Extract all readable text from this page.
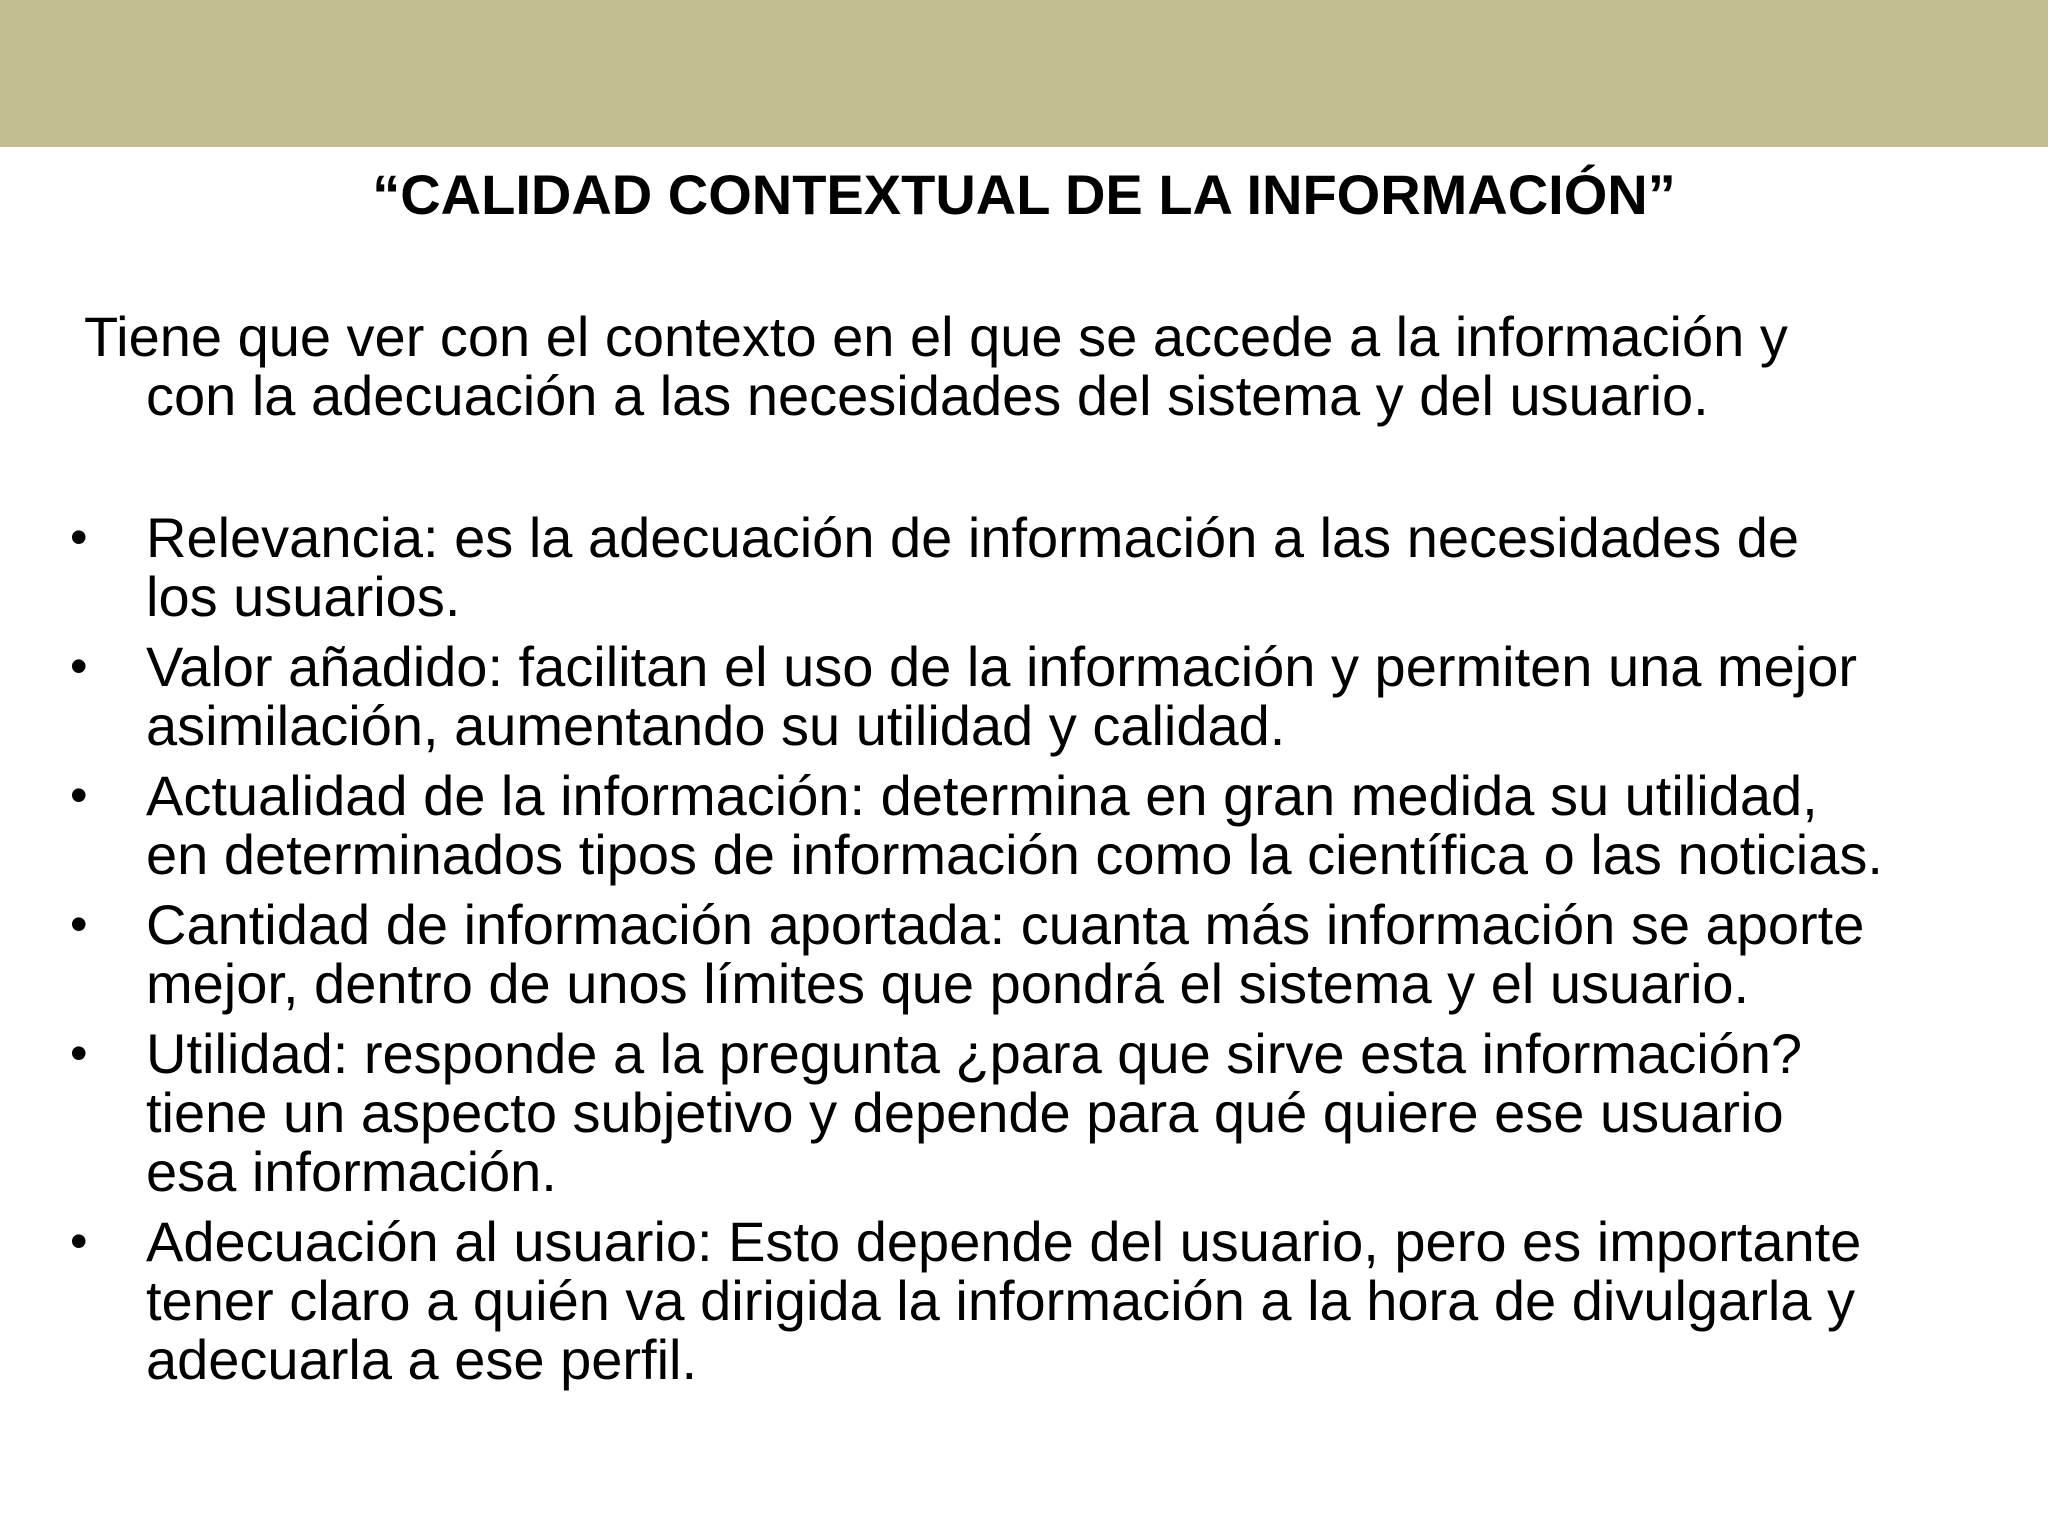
“CALIDAD CONTEXTUAL DE LA INFORMACIÓN”

Tiene que ver con el contexto en el que se accede a la información y
con la adecuación a las necesidades del sistema y del usuario.

• Relevancia: es la adecuación de información a las necesidades de
los usuarios.
• Valor añadido: facilitan el uso de la información y permiten una mejor
asimilación, aumentando su utilidad y calidad.
• Actualidad de la información: determina en gran medida su utilidad,
en determinados tipos de información como la científica o las noticias.
• Cantidad de información aportada: cuanta más información se aporte
mejor, dentro de unos límites que pondrá el sistema y el usuario.
• Utilidad: responde a la pregunta ¿para que sirve esta información?
tiene un aspecto subjetivo y depende para qué quiere ese usuario
esa información.
• Adecuación al usuario: Esto depende del usuario, pero es importante
tener claro a quién va dirigida la información a la hora de divulgarla y
adecuarla a ese perfil.
